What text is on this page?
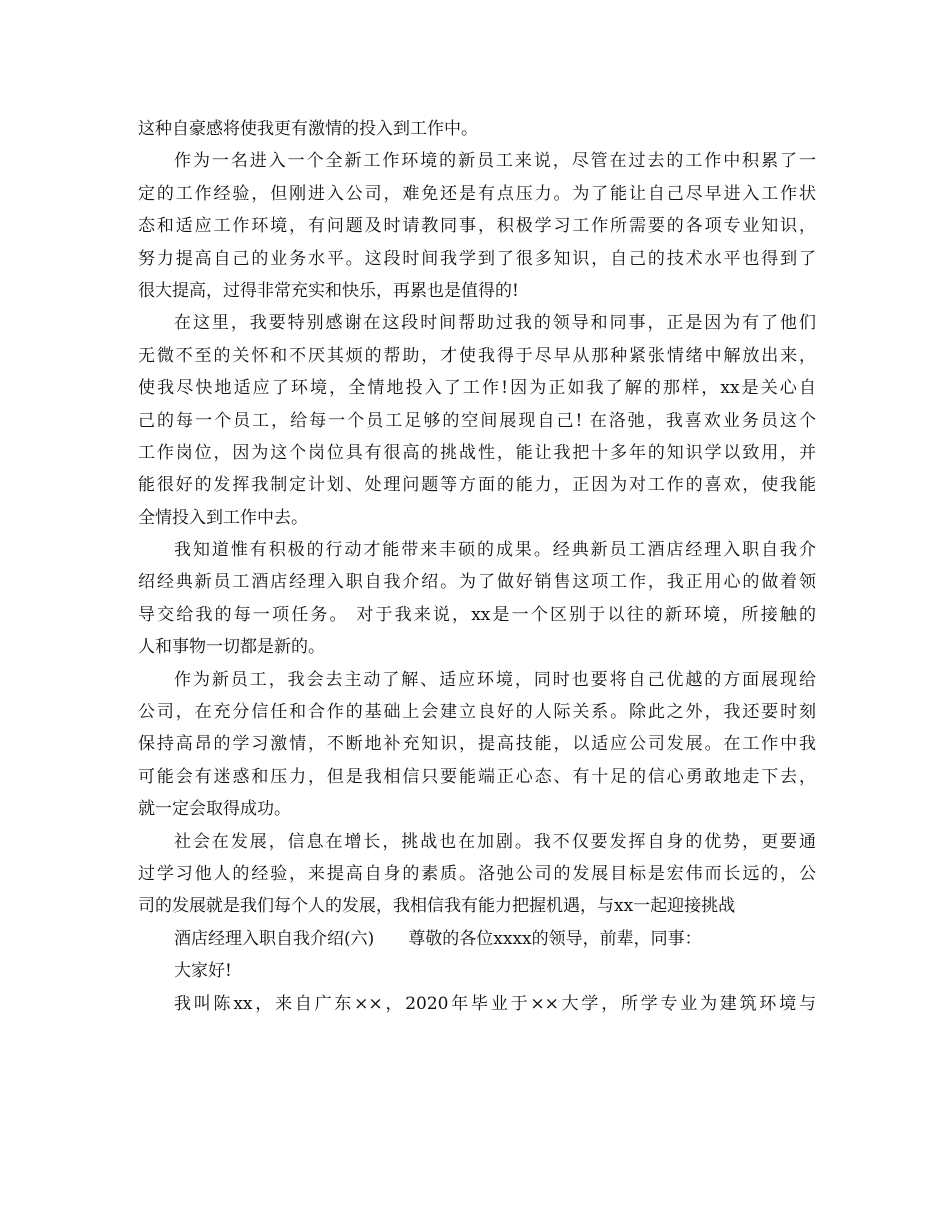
这种自豪感将使我更有激情的投入到工作中。
作为一名进入一个全新工作环境的新员工来说，尽管在过去的工作中积累了一
定的工作经验，但刚进入公司，难免还是有点压力。为了能让自己尽早进入工作状
态和适应工作环境，有问题及时请教同事，积极学习工作所需要的各项专业知识，
努力提高自己的业务水平。这段时间我学到了很多知识，自己的技术水平也得到了
很大提高，过得非常充实和快乐，再累也是值得的!
在这里，我要特别感谢在这段时间帮助过我的领导和同事，正是因为有了他们
无微不至的关怀和不厌其烦的帮助，才使我得于尽早从那种紧张情绪中解放出来，
使我尽快地适应了环境，全情地投入了工作!因为正如我了解的那样，xx是关心自
己的每一个员工，给每一个员工足够的空间展现自己! 在洛弛，我喜欢业务员这个
工作岗位，因为这个岗位具有很高的挑战性，能让我把十多年的知识学以致用，并
能很好的发挥我制定计划、处理问题等方面的能力，正因为对工作的喜欢，使我能
全情投入到工作中去。
我知道惟有积极的行动才能带来丰硕的成果。经典新员工酒店经理入职自我介
绍经典新员工酒店经理入职自我介绍。为了做好销售这项工作，我正用心的做着领
导交给我的每一项任务。 对于我来说，xx是一个区别于以往的新环境，所接触的
人和事物一切都是新的。
作为新员工，我会去主动了解、适应环境，同时也要将自己优越的方面展现给
公司，在充分信任和合作的基础上会建立良好的人际关系。除此之外，我还要时刻
保持高昂的学习激情，不断地补充知识，提高技能，以适应公司发展。在工作中我
可能会有迷惑和压力，但是我相信只要能端正心态、有十足的信心勇敢地走下去，
就一定会取得成功。
社会在发展，信息在增长，挑战也在加剧。我不仅要发挥自身的优势，更要通
过学习他人的经验，来提高自身的素质。洛弛公司的发展目标是宏伟而长远的，公
司的发展就是我们每个人的发展，我相信我有能力把握机遇，与xx一起迎接挑战
酒店经理入职自我介绍(六)　　尊敬的各位xxxx的领导，前辈，同事：
大家好!
我叫陈xx，来自广东××，2020年毕业于××大学，所学专业为建筑环境与
